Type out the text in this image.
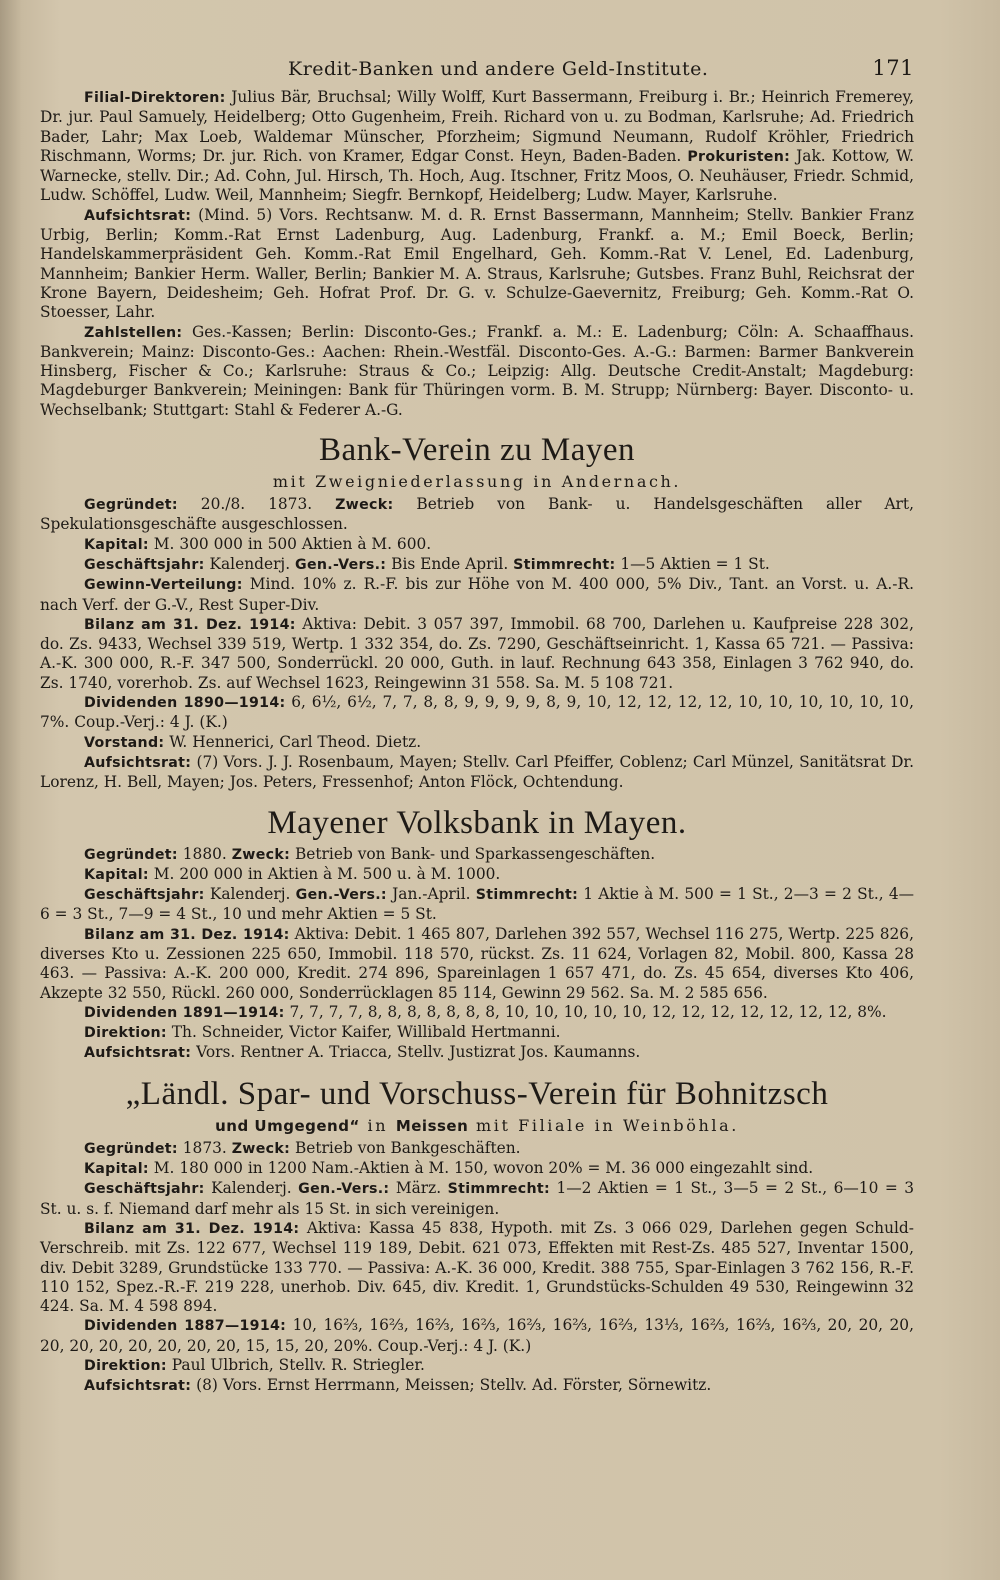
Kredit-Banken und andere Geld-Institute.	171

Filial-Direktoren: Julius Bär, Bruchsal; Willy Wolff, Kurt Bassermann, Freiburg i. Br.; Heinrich Fremerey, Dr. jur. Paul Samuely, Heidelberg; Otto Gugenheim, Freih. Richard von u. zu Bodman, Karlsruhe; Ad. Friedrich Bader, Lahr; Max Loeb, Waldemar Münscher, Pforzheim; Sigmund Neumann, Rudolf Kröhler, Friedrich Rischmann, Worms; Dr. jur. Rich. von Kramer, Edgar Const. Heyn, Baden-Baden. Prokuristen: Jak. Kottow, W. Warnecke, stellv. Dir.; Ad. Cohn, Jul. Hirsch, Th. Hoch, Aug. Itschner, Fritz Moos, O. Neuhäuser, Friedr. Schmid, Ludw. Schöffel, Ludw. Weil, Mannheim; Siegfr. Bernkopf, Heidelberg; Ludw. Mayer, Karlsruhe.

Aufsichtsrat: (Mind. 5) Vors. Rechtsanw. M. d. R. Ernst Bassermann, Mannheim; Stellv. Bankier Franz Urbig, Berlin; Komm.-Rat Ernst Ladenburg, Aug. Ladenburg, Frankf. a. M.; Emil Boeck, Berlin; Handelskammerpräsident Geh. Komm.-Rat Emil Engelhard, Geh. Komm.-Rat V. Lenel, Ed. Ladenburg, Mannheim; Bankier Herm. Waller, Berlin; Bankier M. A. Straus, Karlsruhe; Gutsbes. Franz Buhl, Reichsrat der Krone Bayern, Deidesheim; Geh. Hofrat Prof. Dr. G. v. Schulze-Gaevernitz, Freiburg; Geh. Komm.-Rat O. Stoesser, Lahr.

Zahlstellen: Ges.-Kassen; Berlin: Disconto-Ges.; Frankf. a. M.: E. Ladenburg; Cöln: A. Schaaffhaus. Bankverein; Mainz: Disconto-Ges.: Aachen: Rhein.-Westfäl. Disconto-Ges. A.-G.: Barmen: Barmer Bankverein Hinsberg, Fischer & Co.; Karlsruhe: Straus & Co.; Leipzig: Allg. Deutsche Credit-Anstalt; Magdeburg: Magdeburger Bankverein; Meiningen: Bank für Thüringen vorm. B. M. Strupp; Nürnberg: Bayer. Disconto- u. Wechselbank; Stuttgart: Stahl & Federer A.-G.

Bank-Verein zu Mayen
mit Zweigniederlassung in Andernach.

Gegründet: 20./8. 1873. Zweck: Betrieb von Bank- u. Handelsgeschäften aller Art, Spekulationsgeschäfte ausgeschlossen.

Kapital: M. 300 000 in 500 Aktien à M. 600.

Geschäftsjahr: Kalenderj. Gen.-Vers.: Bis Ende April. Stimmrecht: 1—5 Aktien = 1 St.

Gewinn-Verteilung: Mind. 10% z. R.-F. bis zur Höhe von M. 400 000, 5% Div., Tant. an Vorst. u. A.-R. nach Verf. der G.-V., Rest Super-Div.

Bilanz am 31. Dez. 1914: Aktiva: Debit. 3 057 397, Immobil. 68 700, Darlehen u. Kaufpreise 228 302, do. Zs. 9433, Wechsel 339 519, Wertp. 1 332 354, do. Zs. 7290, Geschäftseinricht. 1, Kassa 65 721. — Passiva: A.-K. 300 000, R.-F. 347 500, Sonderrückl. 20 000, Guth. in lauf. Rechnung 643 358, Einlagen 3 762 940, do. Zs. 1740, vorerhob. Zs. auf Wechsel 1623, Reingewinn 31 558. Sa. M. 5 108 721.

Dividenden 1890—1914: 6, 6½, 6½, 7, 7, 8, 8, 9, 9, 9, 9, 8, 9, 10, 12, 12, 12, 12, 10, 10, 10, 10, 10, 10, 7%. Coup.-Verj.: 4 J. (K.)

Vorstand: W. Hennerici, Carl Theod. Dietz.

Aufsichtsrat: (7) Vors. J. J. Rosenbaum, Mayen; Stellv. Carl Pfeiffer, Coblenz; Carl Münzel, Sanitätsrat Dr. Lorenz, H. Bell, Mayen; Jos. Peters, Fressenhof; Anton Flöck, Ochtendung.

Mayener Volksbank in Mayen.

Gegründet: 1880. Zweck: Betrieb von Bank- und Sparkassengeschäften.

Kapital: M. 200 000 in Aktien à M. 500 u. à M. 1000.

Geschäftsjahr: Kalenderj. Gen.-Vers.: Jan.-April. Stimmrecht: 1 Aktie à M. 500 = 1 St., 2—3 = 2 St., 4—6 = 3 St., 7—9 = 4 St., 10 und mehr Aktien = 5 St.

Bilanz am 31. Dez. 1914: Aktiva: Debit. 1 465 807, Darlehen 392 557, Wechsel 116 275, Wertp. 225 826, diverses Kto u. Zessionen 225 650, Immobil. 118 570, rückst. Zs. 11 624, Vorlagen 82, Mobil. 800, Kassa 28 463. — Passiva: A.-K. 200 000, Kredit. 274 896, Spareinlagen 1 657 471, do. Zs. 45 654, diverses Kto 406, Akzepte 32 550, Rückl. 260 000, Sonderrücklagen 85 114, Gewinn 29 562. Sa. M. 2 585 656.

Dividenden 1891—1914: 7, 7, 7, 7, 8, 8, 8, 8, 8, 8, 8, 10, 10, 10, 10, 10, 12, 12, 12, 12, 12, 12, 12, 8%.

Direktion: Th. Schneider, Victor Kaifer, Willibald Hertmanni.

Aufsichtsrat: Vors. Rentner A. Triacca, Stellv. Justizrat Jos. Kaumanns.

„Ländl. Spar- und Vorschuss-Verein für Bohnitzsch
und Umgegend“ in Meissen mit Filiale in Weinböhla.

Gegründet: 1873. Zweck: Betrieb von Bankgeschäften.

Kapital: M. 180 000 in 1200 Nam.-Aktien à M. 150, wovon 20% = M. 36 000 eingezahlt sind.

Geschäftsjahr: Kalenderj. Gen.-Vers.: März. Stimmrecht: 1—2 Aktien = 1 St., 3—5 = 2 St., 6—10 = 3 St. u. s. f. Niemand darf mehr als 15 St. in sich vereinigen.

Bilanz am 31. Dez. 1914: Aktiva: Kassa 45 838, Hypoth. mit Zs. 3 066 029, Darlehen gegen Schuld-Verschreib. mit Zs. 122 677, Wechsel 119 189, Debit. 621 073, Effekten mit Rest-Zs. 485 527, Inventar 1500, div. Debit 3289, Grundstücke 133 770. — Passiva: A.-K. 36 000, Kredit. 388 755, Spar-Einlagen 3 762 156, R.-F. 110 152, Spez.-R.-F. 219 228, unerhob. Div. 645, div. Kredit. 1, Grundstücks-Schulden 49 530, Reingewinn 32 424. Sa. M. 4 598 894.

Dividenden 1887—1914: 10, 16⅔, 16⅔, 16⅔, 16⅔, 16⅔, 16⅔, 16⅔, 13⅓, 16⅔, 16⅔, 16⅔, 20, 20, 20, 20, 20, 20, 20, 20, 20, 20, 15, 15, 20, 20%. Coup.-Verj.: 4 J. (K.)

Direktion: Paul Ulbrich, Stellv. R. Striegler.

Aufsichtsrat: (8) Vors. Ernst Herrmann, Meissen; Stellv. Ad. Förster, Sörnewitz.
